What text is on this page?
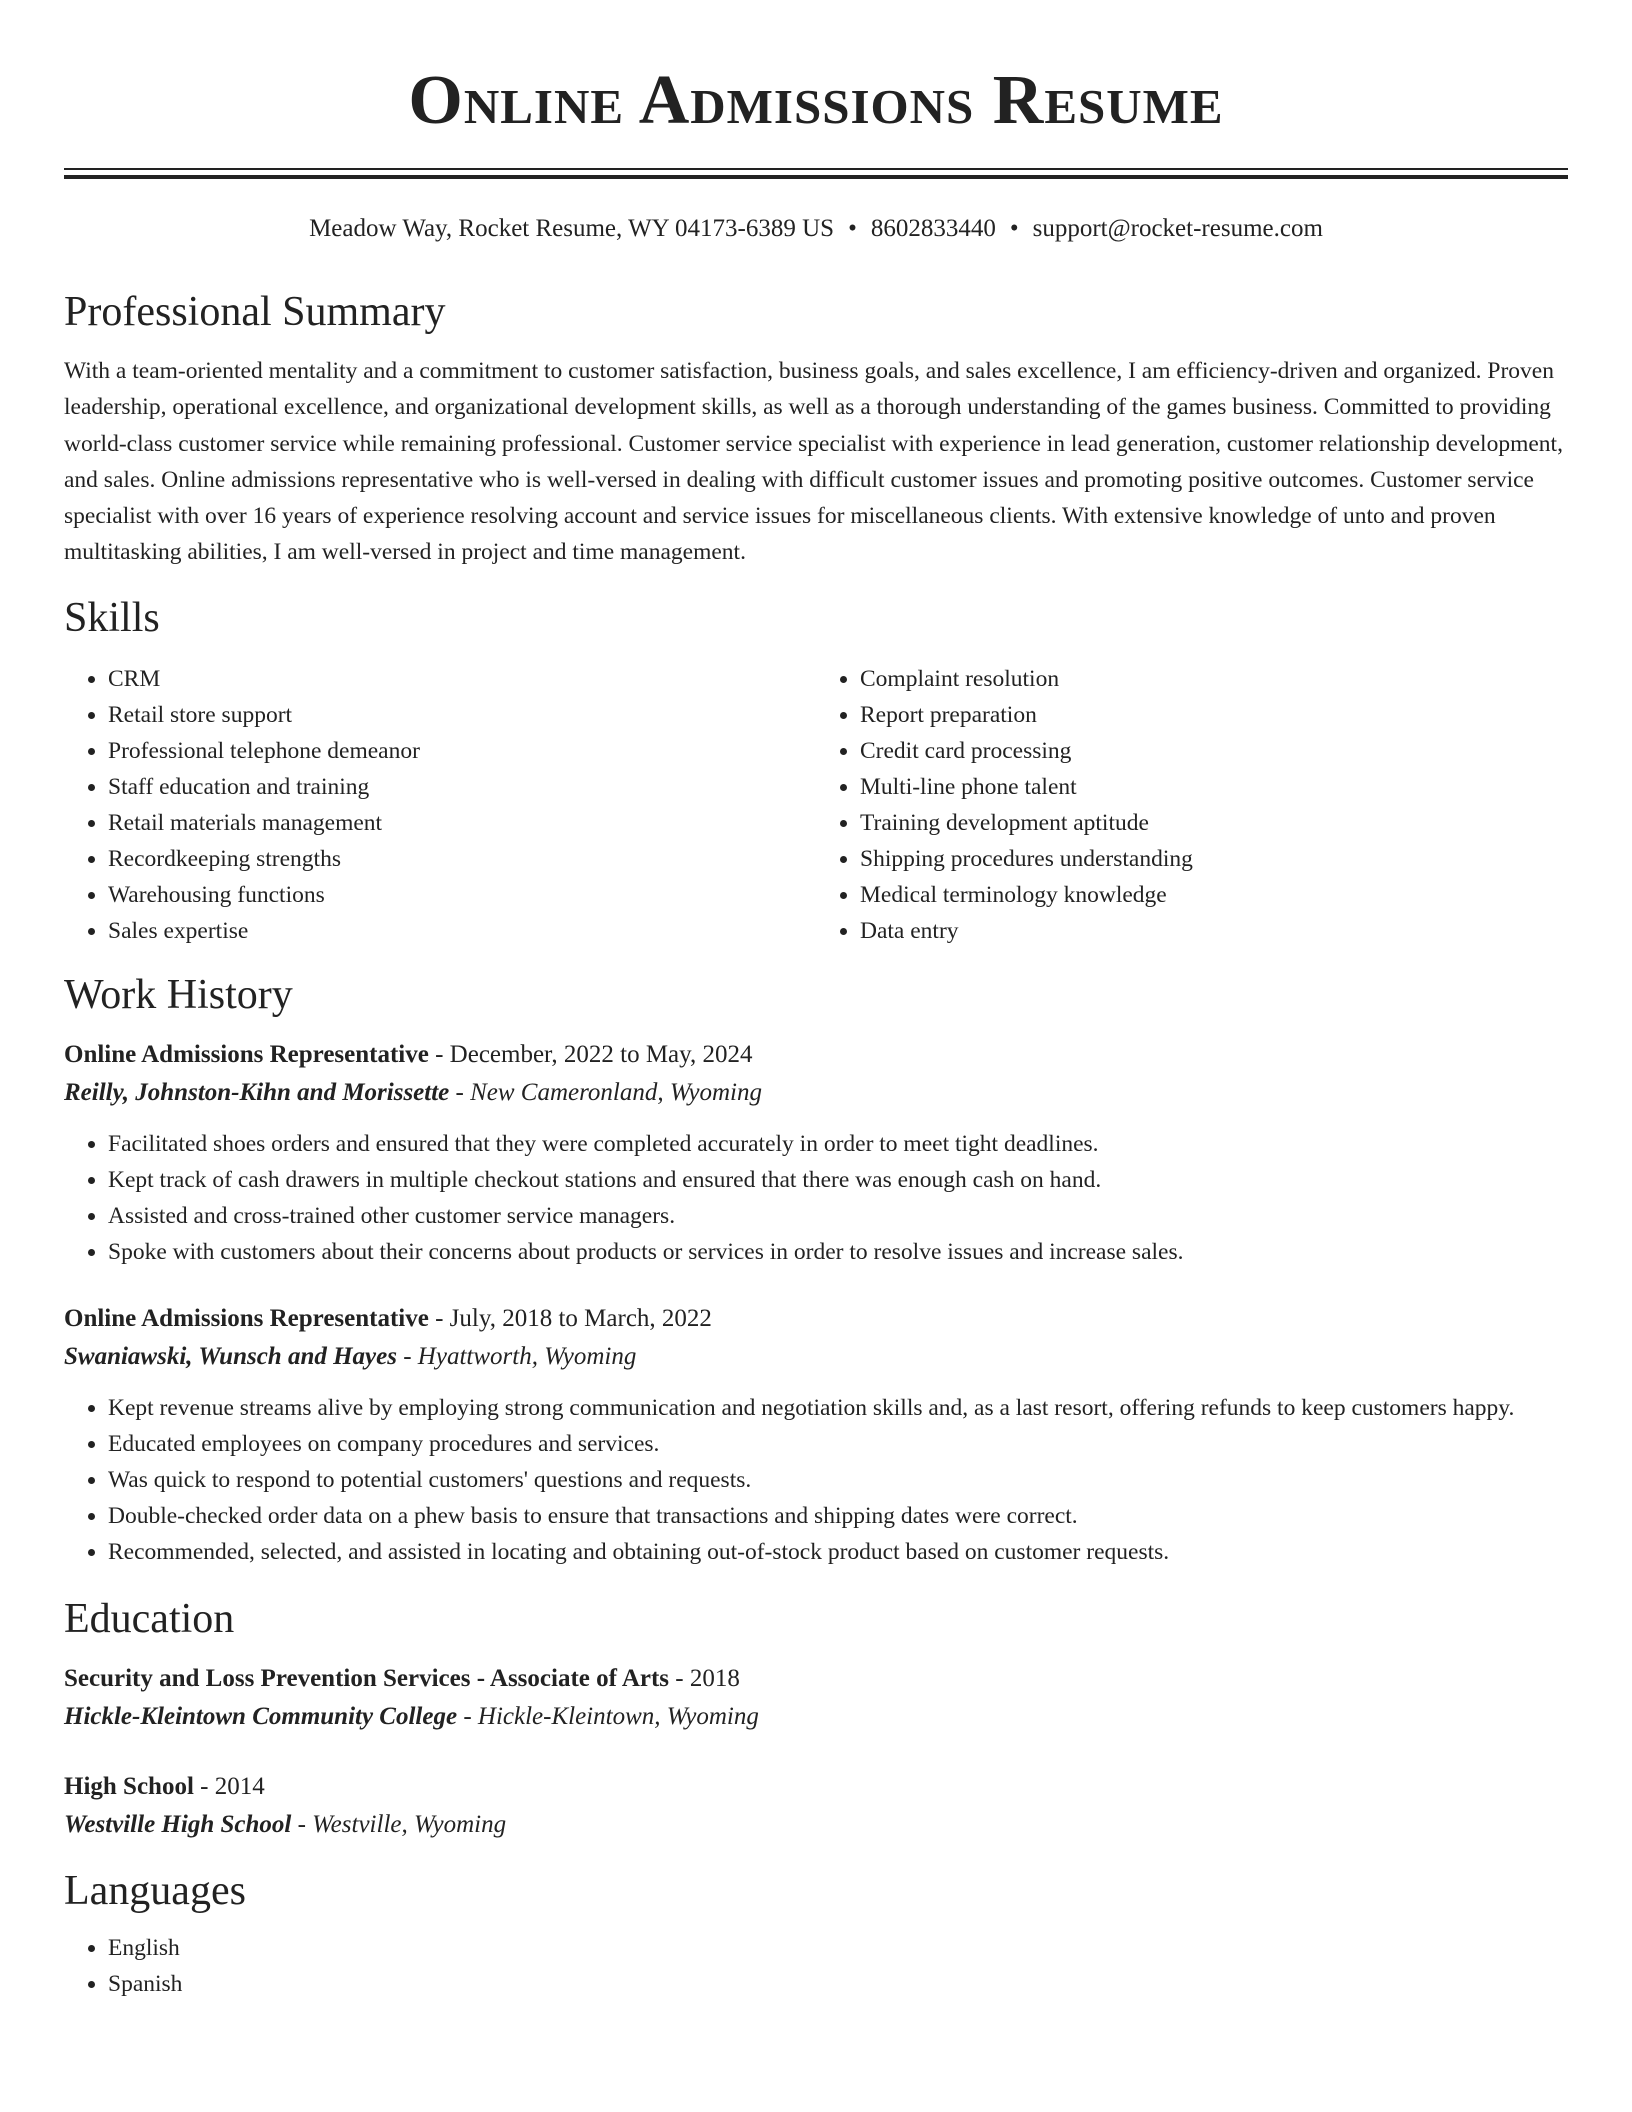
Online Admissions Resume
Meadow Way, Rocket Resume, WY 04173-6389 US • 8602833440 • support@rocket-resume.com
Professional Summary
With a team-oriented mentality and a commitment to customer satisfaction, business goals, and sales excellence, I am efficiency-driven and organized. Proven leadership, operational excellence, and organizational development skills, as well as a thorough understanding of the games business. Committed to providing world-class customer service while remaining professional. Customer service specialist with experience in lead generation, customer relationship development, and sales. Online admissions representative who is well-versed in dealing with difficult customer issues and promoting positive outcomes. Customer service specialist with over 16 years of experience resolving account and service issues for miscellaneous clients. With extensive knowledge of unto and proven multitasking abilities, I am well-versed in project and time management.
Skills
• CRM
• Retail store support
• Professional telephone demeanor
• Staff education and training
• Retail materials management
• Recordkeeping strengths
• Warehousing functions
• Sales expertise
• Complaint resolution
• Report preparation
• Credit card processing
• Multi-line phone talent
• Training development aptitude
• Shipping procedures understanding
• Medical terminology knowledge
• Data entry
Work History
Online Admissions Representative - December, 2022 to May, 2024
Reilly, Johnston-Kihn and Morissette - New Cameronland, Wyoming
• Facilitated shoes orders and ensured that they were completed accurately in order to meet tight deadlines.
• Kept track of cash drawers in multiple checkout stations and ensured that there was enough cash on hand.
• Assisted and cross-trained other customer service managers.
• Spoke with customers about their concerns about products or services in order to resolve issues and increase sales.
Online Admissions Representative - July, 2018 to March, 2022
Swaniawski, Wunsch and Hayes - Hyattworth, Wyoming
• Kept revenue streams alive by employing strong communication and negotiation skills and, as a last resort, offering refunds to keep customers happy.
• Educated employees on company procedures and services.
• Was quick to respond to potential customers' questions and requests.
• Double-checked order data on a phew basis to ensure that transactions and shipping dates were correct.
• Recommended, selected, and assisted in locating and obtaining out-of-stock product based on customer requests.
Education
Security and Loss Prevention Services - Associate of Arts - 2018
Hickle-Kleintown Community College - Hickle-Kleintown, Wyoming
High School - 2014
Westville High School - Westville, Wyoming
Languages
• English
• Spanish
